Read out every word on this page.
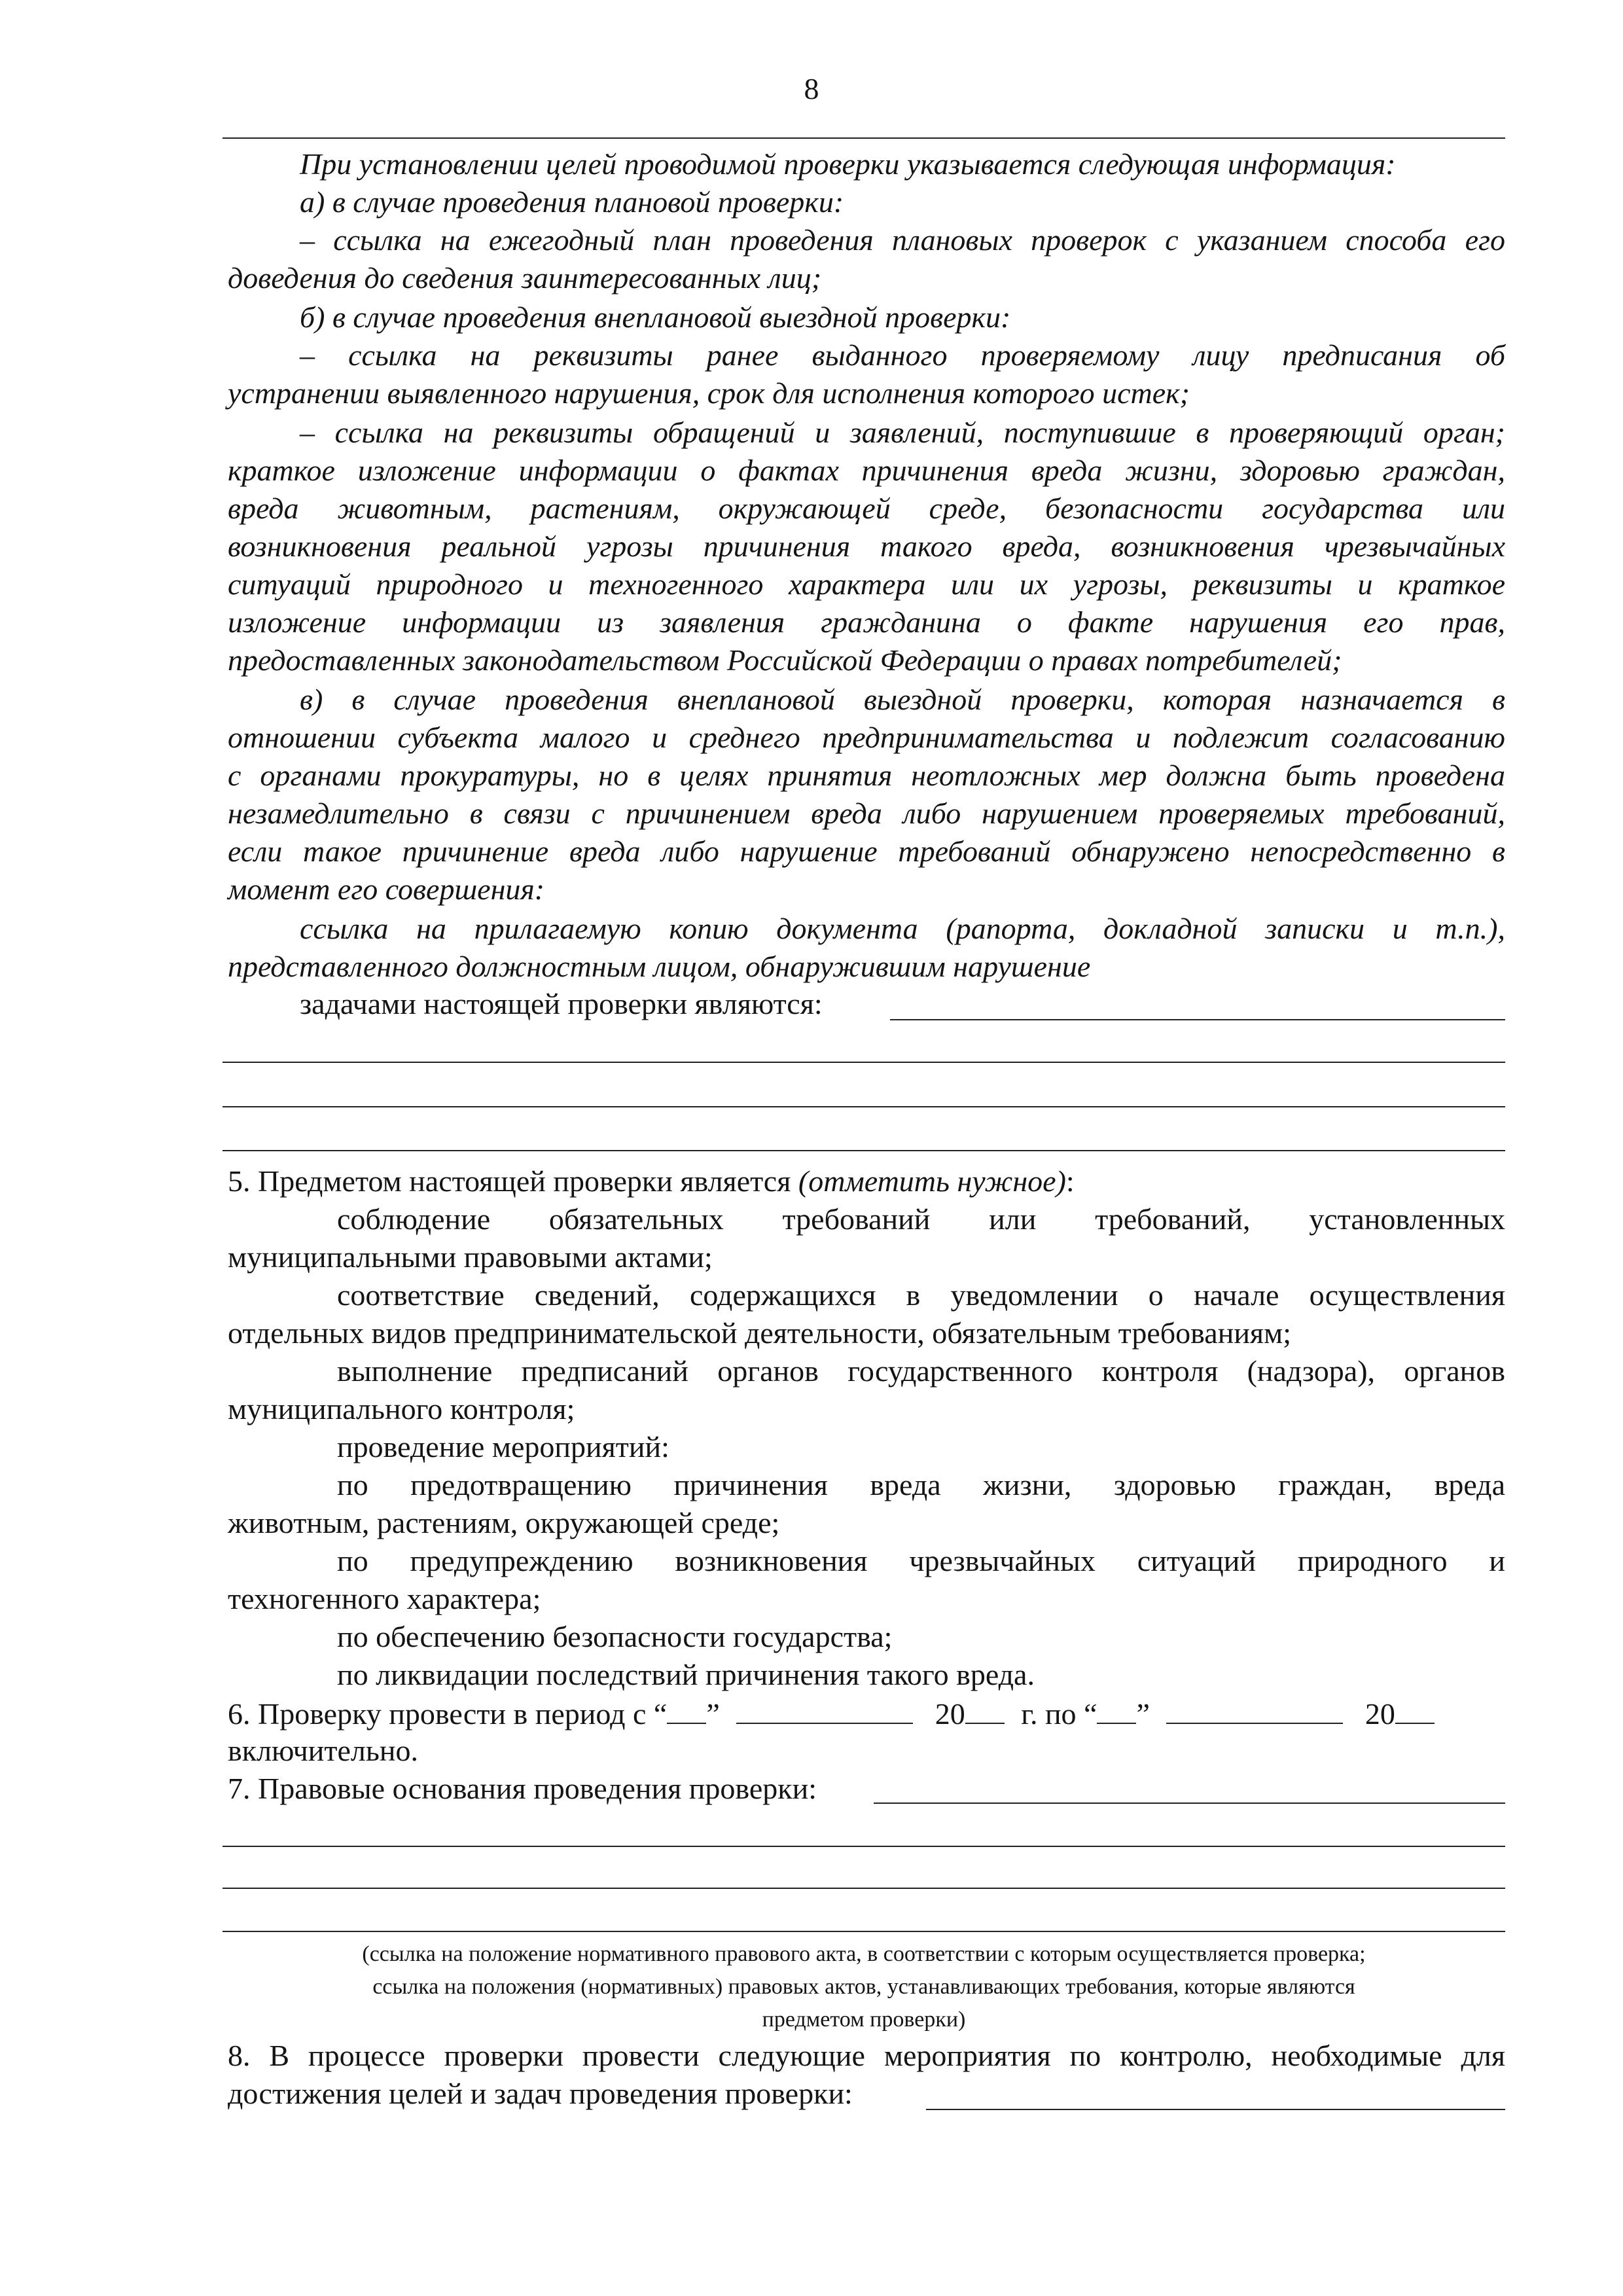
8
При установлении целей проводимой проверки указывается следующая информация:
а) в случае проведения плановой проверки:
– ссылка на ежегодный план проведения плановых проверок с указанием способа его
доведения до сведения заинтересованных лиц;
б) в случае проведения внеплановой выездной проверки:
– ссылка на реквизиты ранее выданного проверяемому лицу предписания об
устранении выявленного нарушения, срок для исполнения которого истек;
– ссылка на реквизиты обращений и заявлений, поступившие в проверяющий орган;
краткое изложение информации о фактах причинения вреда жизни, здоровью граждан,
вреда животным, растениям, окружающей среде, безопасности государства или
возникновения реальной угрозы причинения такого вреда, возникновения чрезвычайных
ситуаций природного и техногенного характера или их угрозы, реквизиты и краткое
изложение информации из заявления гражданина о факте нарушения его прав,
предоставленных законодательством Российской Федерации о правах потребителей;
в) в случае проведения внеплановой выездной проверки, которая назначается в
отношении субъекта малого и среднего предпринимательства и подлежит согласованию
с органами прокуратуры, но в целях принятия неотложных мер должна быть проведена
незамедлительно в связи с причинением вреда либо нарушением проверяемых требований,
если такое причинение вреда либо нарушение требований обнаружено непосредственно в
момент его совершения:
ссылка на прилагаемую копию документа (рапорта, докладной записки и т.п.),
представленного должностным лицом, обнаружившим нарушение
задачами настоящей проверки являются:
5. Предметом настоящей проверки является (отметить нужное):
соблюдение обязательных требований или требований, установленных
муниципальными правовыми актами;
соответствие сведений, содержащихся в уведомлении о начале осуществления
отдельных видов предпринимательской деятельности, обязательным требованиям;
выполнение предписаний органов государственного контроля (надзора), органов
муниципального контроля;
проведение мероприятий:
по предотвращению причинения вреда жизни, здоровью граждан, вреда
животным, растениям, окружающей среде;
по предупреждению возникновения чрезвычайных ситуаций природного и
техногенного характера;
по обеспечению безопасности государства;
по ликвидации последствий причинения такого вреда.
6. Проверку провести в период с “ ”	20 г. по “ ”	20
включительно.
7. Правовые основания проведения проверки:
(ссылка на положение нормативного правового акта, в соответствии с которым осуществляется проверка;
ссылка на положения (нормативных) правовых актов, устанавливающих требования, которые являются
предметом проверки)
8. В процессе проверки провести следующие мероприятия по контролю, необходимые для
достижения целей и задач проведения проверки:
